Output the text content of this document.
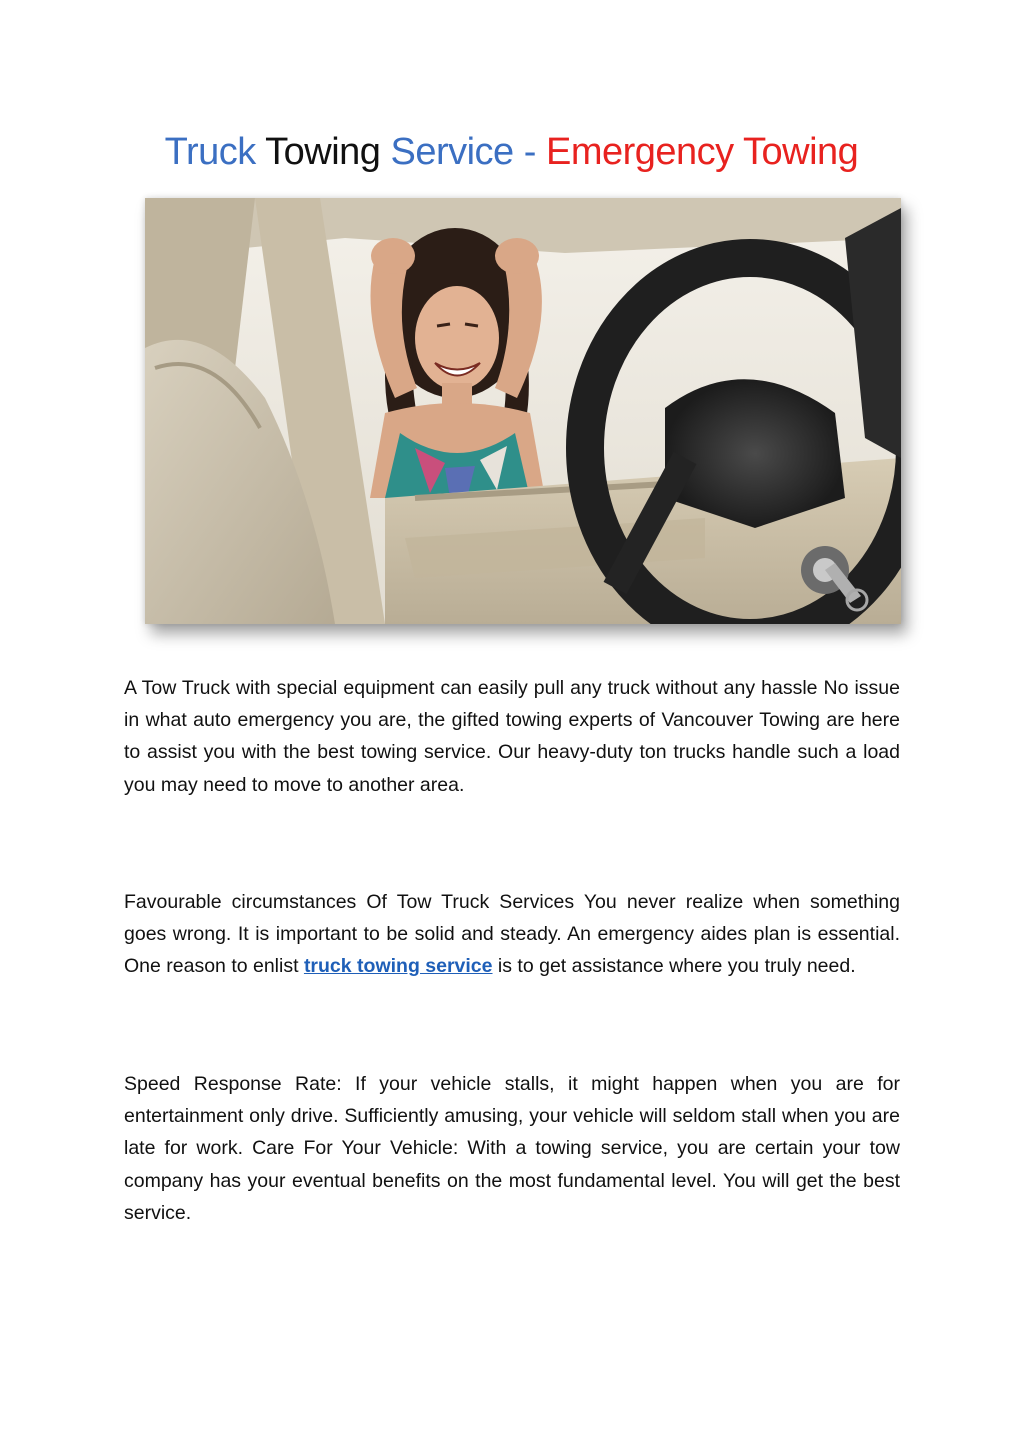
Truck Towing Service - Emergency Towing
A Tow Truck with special equipment can easily pull any truck without any hassle No issue in what auto emergency you are, the gifted towing experts of Vancouver Towing are here to assist you with the best towing service. Our heavy-duty ton trucks handle such a load you may need to move to another area.
Favourable circumstances Of Tow Truck Services You never realize when something goes wrong. It is important to be solid and steady. An emergency aides plan is essential. One reason to enlist truck towing service is to get assistance where you truly need.
Speed Response Rate: If your vehicle stalls, it might happen when you are for entertainment only drive. Sufficiently amusing, your vehicle will seldom stall when you are late for work. Care For Your Vehicle: With a towing service, you are certain your tow company has your eventual benefits on the most fundamental level. You will get the best service.
